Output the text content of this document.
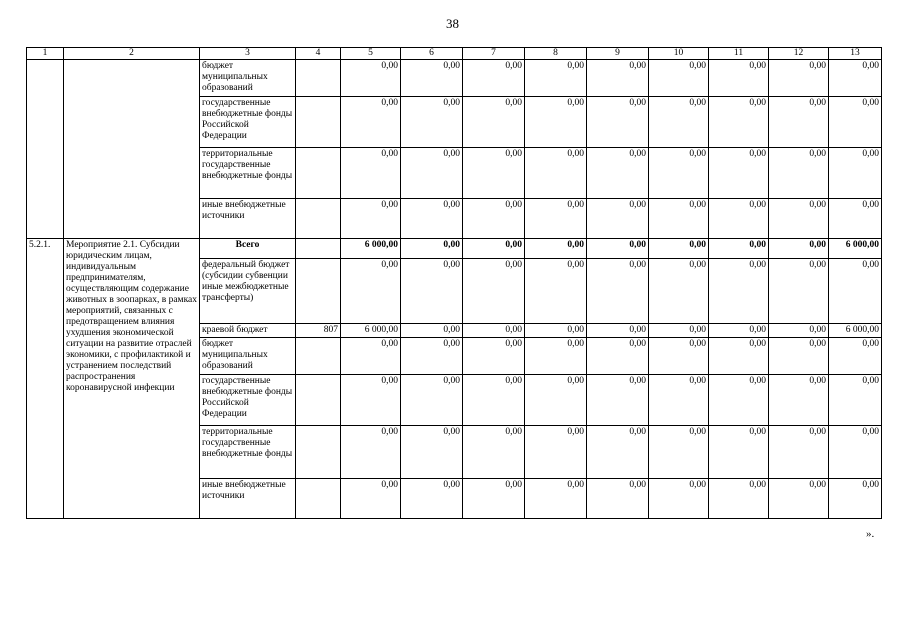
38
1	2	3	4	5	6	7	8	9	10	11	12	13
		бюджет муниципальных образований		0,00	0,00	0,00	0,00	0,00	0,00	0,00	0,00	0,00
		государственные внебюджетные фонды Российской Федерации		0,00	0,00	0,00	0,00	0,00	0,00	0,00	0,00	0,00
		территориальные государственные внебюджетные фонды		0,00	0,00	0,00	0,00	0,00	0,00	0,00	0,00	0,00
		иные внебюджетные источники		0,00	0,00	0,00	0,00	0,00	0,00	0,00	0,00	0,00
5.2.1.	Мероприятие 2.1. Субсидии юридическим лицам, индивидуальным предпринимателям, осуществляющим содержание животных в зоопарках, в рамках мероприятий, связанных с предотвращением влияния ухудшения экономической ситуации на развитие отраслей экономики, с профилактикой и устранением последствий распространения коронавирусной инфекции	Всего		6 000,00	0,00	0,00	0,00	0,00	0,00	0,00	0,00	6 000,00
		федеральный бюджет (субсидии субвенции иные межбюджетные трансферты)		0,00	0,00	0,00	0,00	0,00	0,00	0,00	0,00	0,00
		краевой бюджет	807	6 000,00	0,00	0,00	0,00	0,00	0,00	0,00	0,00	6 000,00
		бюджет муниципальных образований		0,00	0,00	0,00	0,00	0,00	0,00	0,00	0,00	0,00
		государственные внебюджетные фонды Российской Федерации		0,00	0,00	0,00	0,00	0,00	0,00	0,00	0,00	0,00
		территориальные государственные внебюджетные фонды		0,00	0,00	0,00	0,00	0,00	0,00	0,00	0,00	0,00
		иные внебюджетные источники		0,00	0,00	0,00	0,00	0,00	0,00	0,00	0,00	0,00
».
